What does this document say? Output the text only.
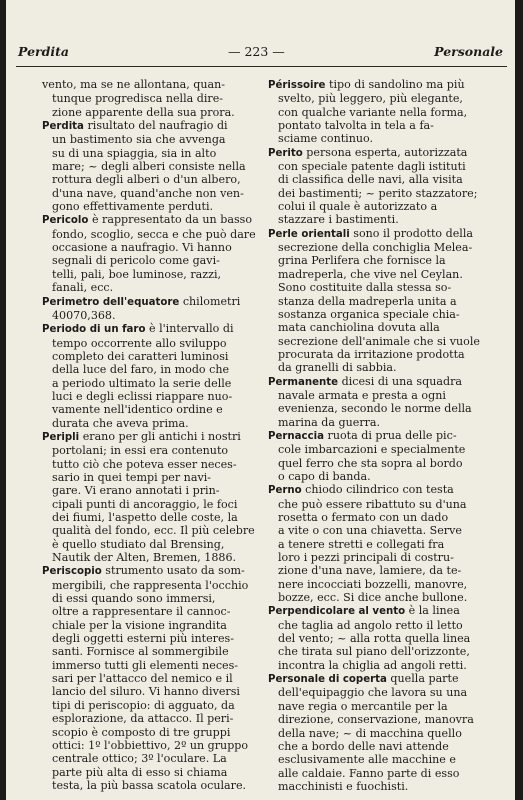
Perdita	— 223 —	Personale

vento, ma se ne allontana, quan-
tunque progredisca nella dire-
zione apparente della sua prora.

Perdita risultato del naufragio di
un bastimento sia che avvenga
su di una spiaggia, sia in alto
mare; ~ degli alberi consiste nella
rottura degli alberi o d'un albero,
d'una nave, quand'anche non ven-
gono effettivamente perduti.

Pericolo è rappresentato da un basso
fondo, scoglio, secca e che può dare
occasione a naufragio. Vi hanno
segnali di pericolo come gavi-
telli, pali, boe luminose, razzi,
fanali, ecc.

Perimetro dell'equatore chilometri
40070,368.

Periodo di un faro è l'intervallo di
tempo occorrente allo sviluppo
completo dei caratteri luminosi
della luce del faro, in modo che
a periodo ultimato la serie delle
luci e degli eclissi riappare nuo-
vamente nell'identico ordine e
durata che aveva prima.

Peripli erano per gli antichi i nostri
portolani; in essi era contenuto
tutto ciò che poteva esser neces-
sario in quei tempi per navi-
gare. Vi erano annotati i prin-
cipali punti di ancoraggio, le foci
dei fiumi, l'aspetto delle coste, la
qualità del fondo, ecc. Il più celebre
è quello studiato dal Brensing,
Nautik der Alten, Bremen, 1886.

Periscopio strumento usato da som-
mergibili, che rappresenta l'occhio
di essi quando sono immersi,
oltre a rappresentare il cannoc-
chiale per la visione ingrandita
degli oggetti esterni più interes-
santi. Fornisce al sommergibile
immerso tutti gli elementi neces-
sari per l'attacco del nemico e il
lancio del siluro. Vi hanno diversi
tipi di periscopio: di agguato, da
esplorazione, da attacco. Il peri-
scopio è composto di tre gruppi
ottici: 1º l'obbiettivo, 2º un gruppo
centrale ottico; 3º l'oculare. La
parte più alta di esso si chiama
testa, la più bassa scatola oculare.

Périssoire tipo di sandolino ma più
svelto, più leggero, più elegante,
con qualche variante nella forma,
pontato talvolta in tela a fa-
sciame continuo.

Perito persona esperta, autorizzata
con speciale patente dagli istituti
di classifica delle navi, alla visita
dei bastimenti; ~ perito stazzatore;
colui il quale è autorizzato a
stazzare i bastimenti.

Perle orientali sono il prodotto della
secrezione della conchiglia Melea-
grina Perlifera che fornisce la
madreperla, che vive nel Ceylan.
Sono costituite dalla stessa so-
stanza della madreperla unita a
sostanza organica speciale chia-
mata canchiolina dovuta alla
secrezione dell'animale che si vuole
procurata da irritazione prodotta
da granelli di sabbia.

Permanente dicesi di una squadra
navale armata e presta a ogni
evenienza, secondo le norme della
marina da guerra.

Pernaccia ruota di prua delle pic-
cole imbarcazioni e specialmente
quel ferro che sta sopra al bordo
o capo di banda.

Perno chiodo cilindrico con testa
che può essere ribattuto su d'una
rosetta o fermato con un dado
a vite o con una chiavetta. Serve
a tenere stretti e collegati fra
loro i pezzi principali di costru-
zione d'una nave, lamiere, da te-
nere incocciati bozzelli, manovre,
bozze, ecc. Si dice anche bullone.

Perpendicolare al vento è la linea
che taglia ad angolo retto il letto
del vento; ~ alla rotta quella linea
che tirata sul piano dell'orizzonte,
incontra la chiglia ad angoli retti.

Personale di coperta quella parte
dell'equipaggio che lavora su una
nave regia o mercantile per la
direzione, conservazione, manovra
della nave; ~ di macchina quello
che a bordo delle navi attende
esclusivamente alle macchine e
alle caldaie. Fanno parte di esso
macchinisti e fuochisti.
